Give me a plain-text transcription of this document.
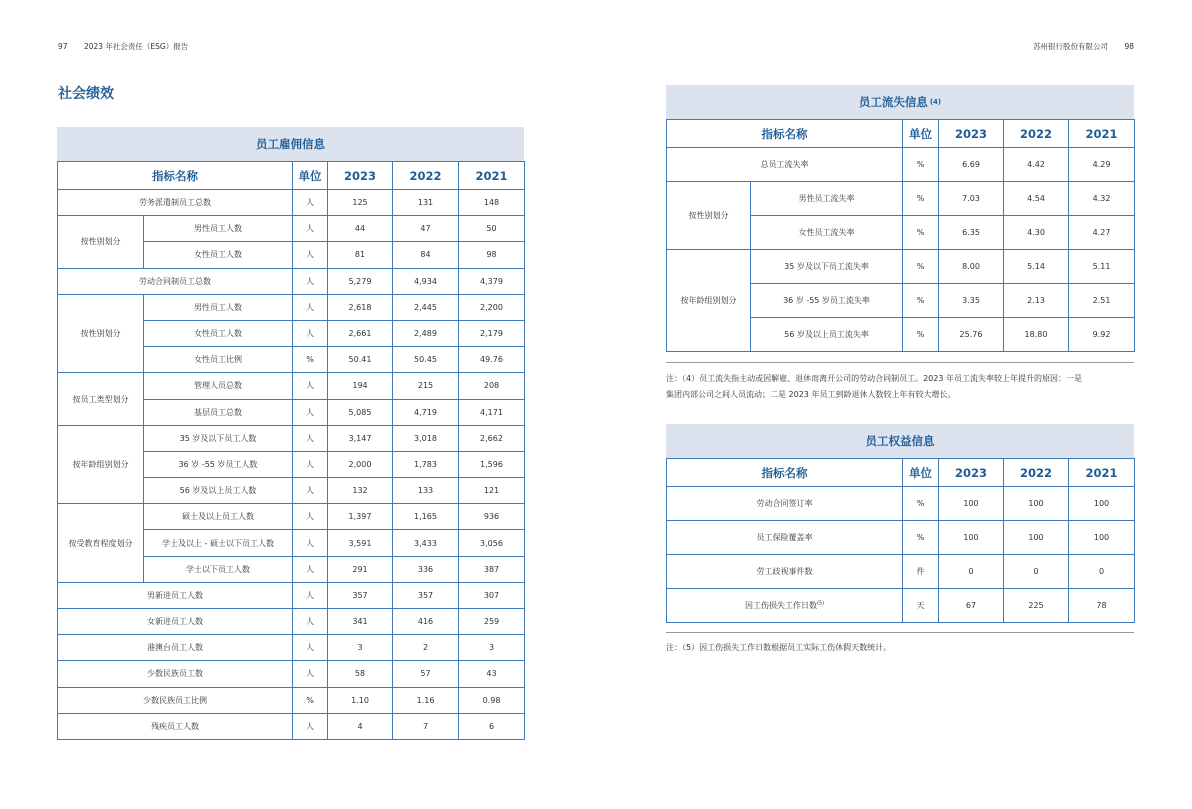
97 2023 年社会责任（ESG）报告	苏州银行股份有限公司 98
社会绩效
员工雇佣信息
指标名称		单位	2023	2022	2021
劳务派遣制员工总数		人	125	131	148
按性别划分	男性员工人数	人	44	47	50
	女性员工人数	人	81	84	98
劳动合同制员工总数		人	5,279	4,934	4,379
按性别划分	男性员工人数	人	2,618	2,445	2,200
	女性员工人数	人	2,661	2,489	2,179
	女性员工比例	%	50.41	50.45	49.76
按员工类型划分	管理人员总数	人	194	215	208
	基层员工总数	人	5,085	4,719	4,171
按年龄组别划分	35 岁及以下员工人数	人	3,147	3,018	2,662
	36 岁 -55 岁员工人数	人	2,000	1,783	1,596
	56 岁及以上员工人数	人	132	133	121
按受教育程度划分	硕士及以上员工人数	人	1,397	1,165	936
	学士及以上 - 硕士以下员工人数	人	3,591	3,433	3,056
	学士以下员工人数	人	291	336	387
男新进员工人数		人	357	357	307
女新进员工人数		人	341	416	259
港澳台员工人数		人	3	2	3
少数民族员工数		人	58	57	43
少数民族员工比例		%	1.10	1.16	0.98
残疾员工人数		人	4	7	6
员工流失信息 (4)
指标名称		单位	2023	2022	2021
总员工流失率		%	6.69	4.42	4.29
按性别划分	男性员工流失率	%	7.03	4.54	4.32
	女性员工流失率	%	6.35	4.30	4.27
按年龄组别划分	35 岁及以下员工流失率	%	8.00	5.14	5.11
	36 岁 -55 岁员工流失率	%	3.35	2.13	2.51
	56 岁及以上员工流失率	%	25.76	18.80	9.92
注：（4）员工流失指主动或因解雇、退休而离开公司的劳动合同制员工。2023 年员工流失率较上年提升的原因：一是
集团内部公司之间人员流动；二是 2023 年员工到龄退休人数较上年有较大增长。
员工权益信息
指标名称	单位	2023	2022	2021
劳动合同签订率	%	100	100	100
员工保险覆盖率	%	100	100	100
劳工歧视事件数	件	0	0	0
因工伤损失工作日数$^{(5)}$	天	67	225	78
注：（5）因工伤损失工作日数根据员工实际工伤休假天数统计。
